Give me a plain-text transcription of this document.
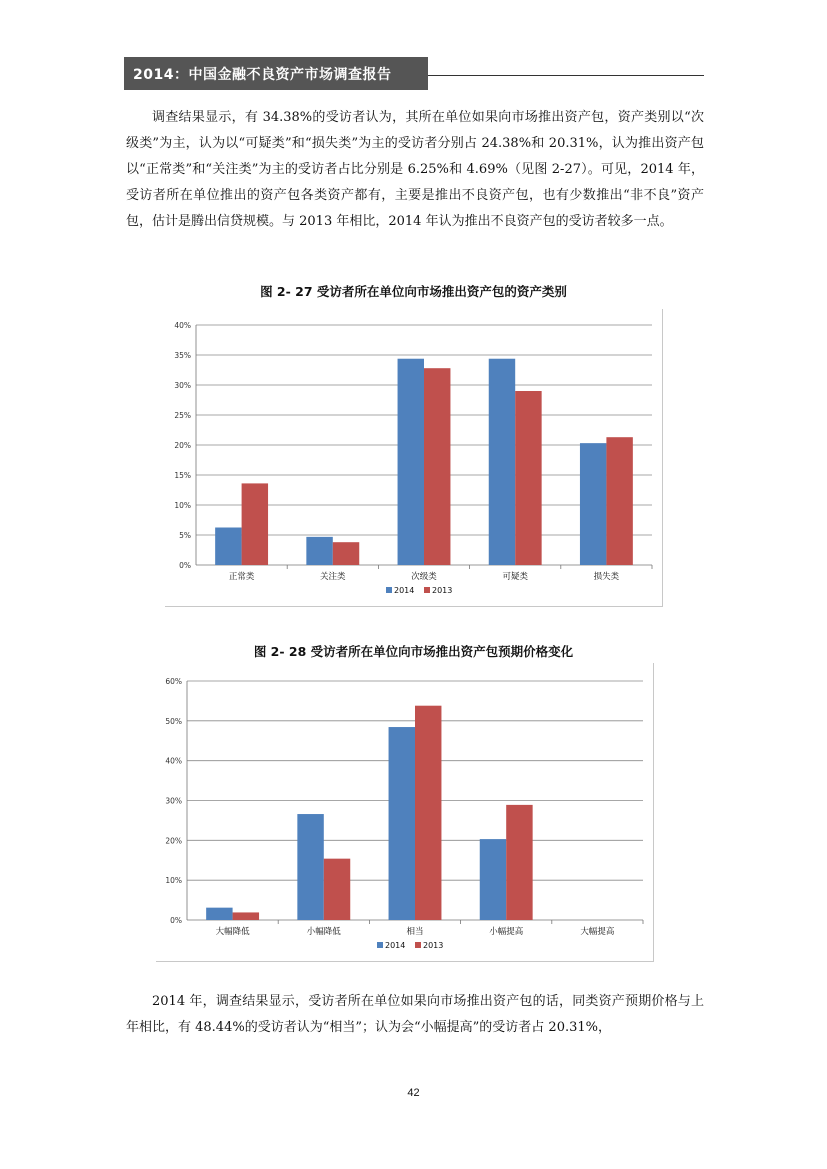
2014：中国金融不良资产市场调查报告

调查结果显示，有 34.38%的受访者认为，其所在单位如果向市场推出资产包，资产类别以“次级类”为主，认为以“可疑类”和“损失类”为主的受访者分别占 24.38%和 20.31%，认为推出资产包以“正常类”和“关注类”为主的受访者占比分别是 6.25%和 4.69%（见图 2-27）。可见，2014 年，受访者所在单位推出的资产包各类资产都有，主要是推出不良资产包，也有少数推出“非不良”资产包，估计是腾出信贷规模。与 2013 年相比，2014 年认为推出不良资产包的受访者较多一点。

图 2- 27 受访者所在单位向市场推出资产包的资产类别
0%
5%
10%
15%
20%
25%
30%
35%
40%
正常类	关注类	次级类	可疑类	损失类
2014 2013
图 2- 28 受访者所在单位向市场推出资产包预期价格变化
0%
10%
20%
30%
40%
50%
60%
大幅降低	小幅降低	相当	小幅提高	大幅提高
2014 2013

2014 年，调查结果显示，受访者所在单位如果向市场推出资产包的话，同类资产预期价格与上年相比，有 48.44%的受访者认为“相当”；认为会“小幅提高”的受访者占 20.31%，

42
